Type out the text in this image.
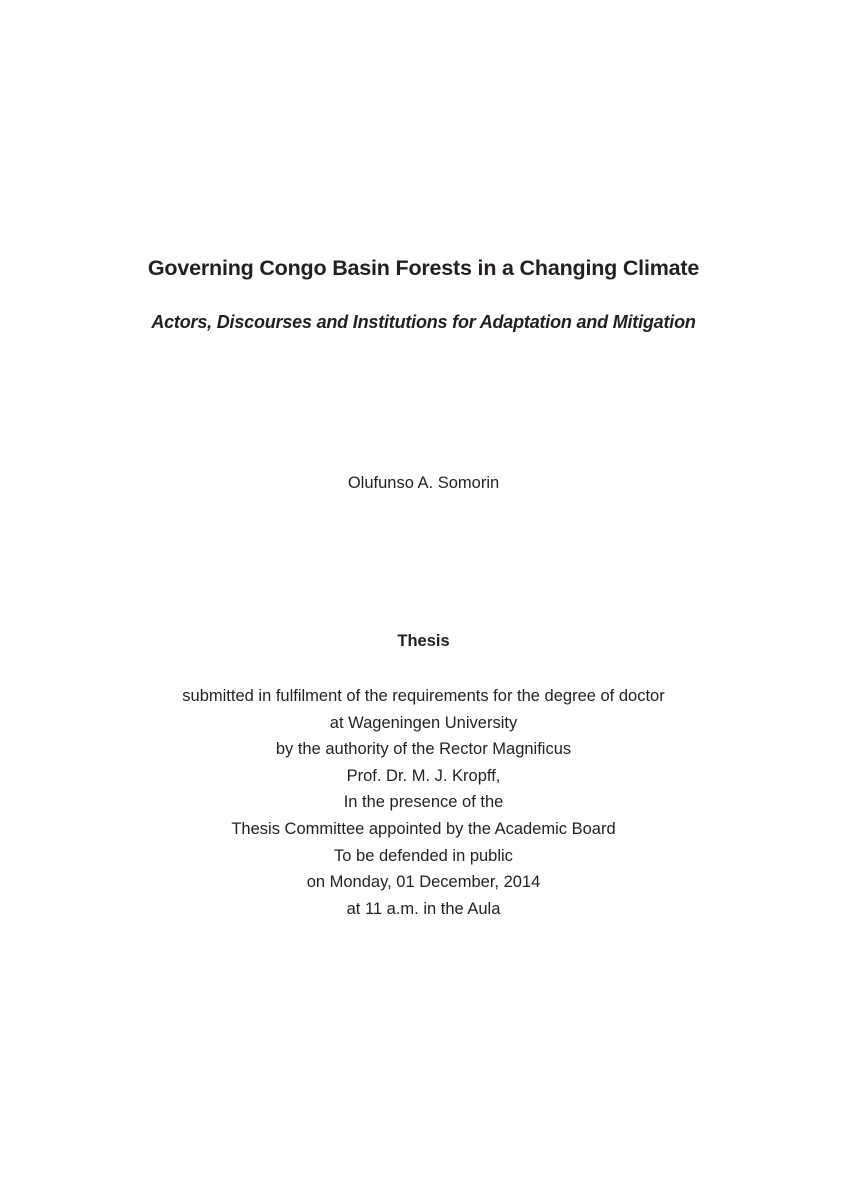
Governing Congo Basin Forests in a Changing Climate
Actors, Discourses and Institutions for Adaptation and Mitigation
Olufunso A. Somorin
Thesis
submitted in fulfilment of the requirements for the degree of doctor
at Wageningen University
by the authority of the Rector Magnificus
Prof. Dr. M. J. Kropff,
In the presence of the
Thesis Committee appointed by the Academic Board
To be defended in public
on Monday, 01 December, 2014
at 11 a.m. in the Aula
